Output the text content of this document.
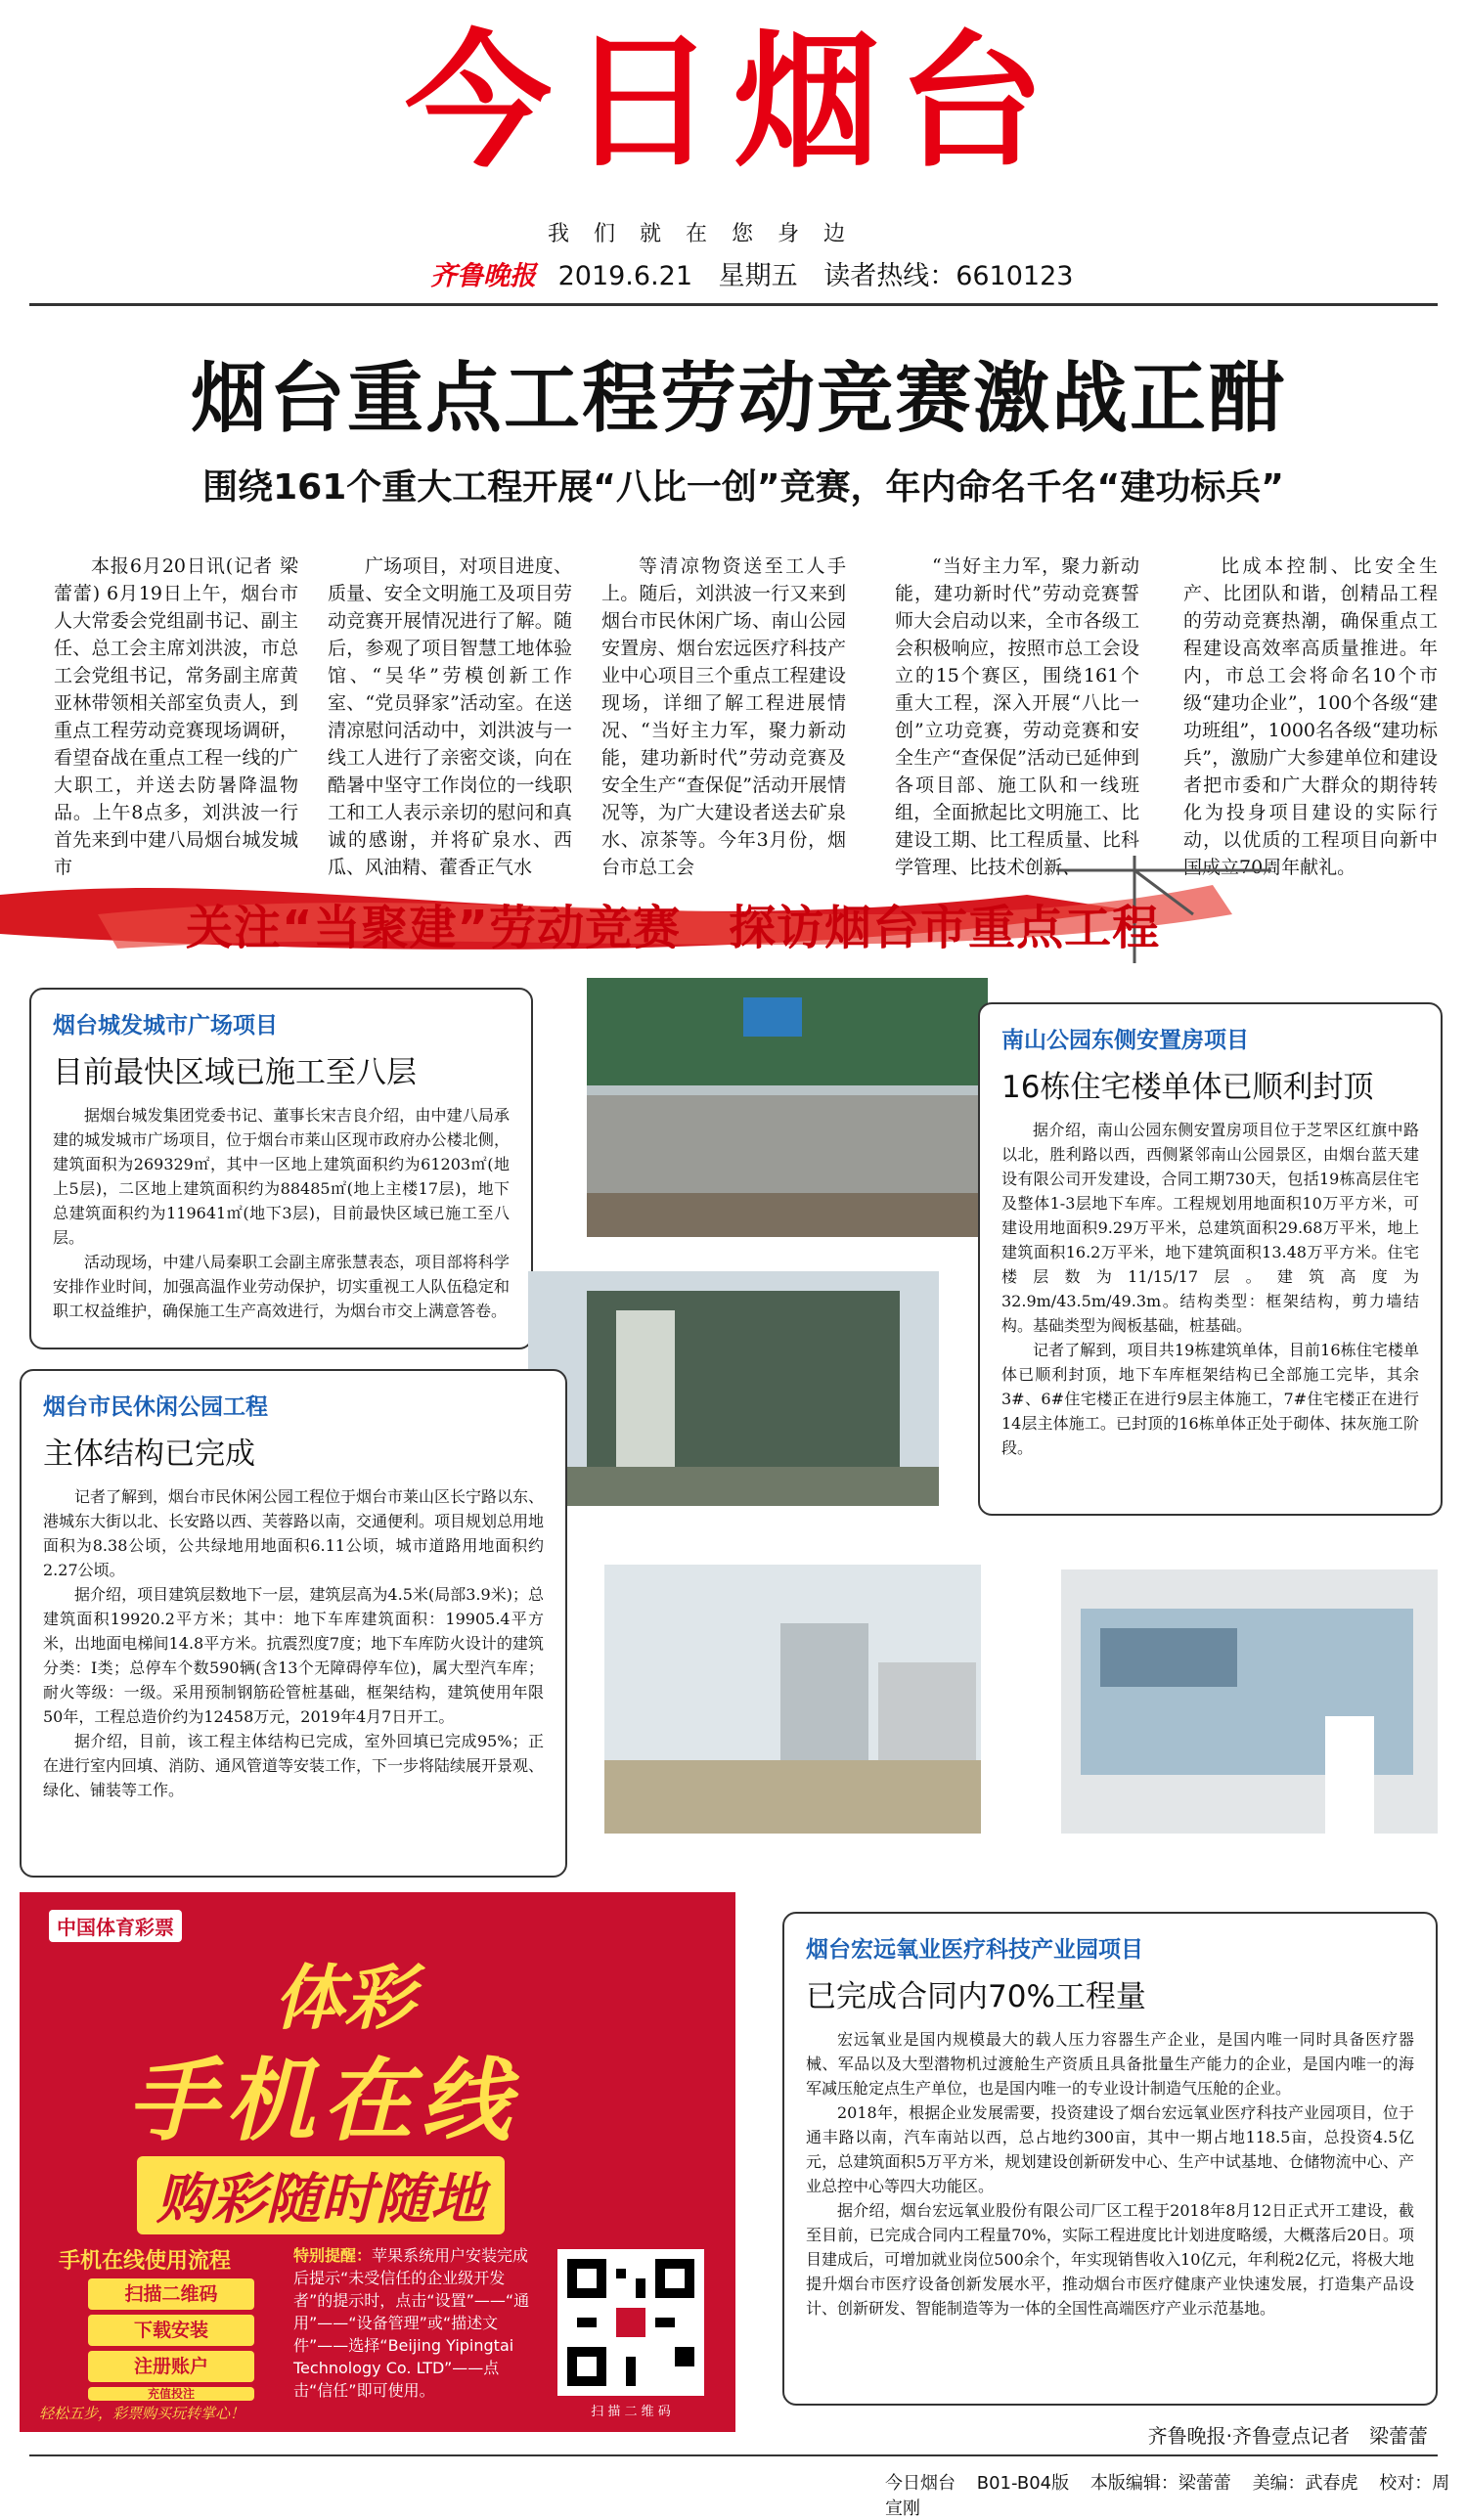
今日烟台
我 们 就 在 您 身 边
齐鲁晚报 2019.6.21 星期五 读者热线：6610123
烟台重点工程劳动竞赛激战正酣
围绕161个重大工程开展“八比一创”竞赛，年内命名千名“建功标兵”

本报6月20日讯(记者 梁蕾蕾) 6月19日上午，烟台市人大常委会党组副书记、副主任、总工会主席刘洪波，市总工会党组书记，常务副主席黄亚林带领相关部室负责人，到重点工程劳动竞赛现场调研，看望奋战在重点工程一线的广大职工，并送去防暑降温物品。上午8点多，刘洪波一行首先来到中建八局烟台城发城市

广场项目，对项目进度、质量、安全文明施工及项目劳动竞赛开展情况进行了解。随后，参观了项目智慧工地体验馆、“吴华”劳模创新工作室、“党员驿家”活动室。在送清凉慰问活动中，刘洪波与一线工人进行了亲密交谈，向在酷暑中坚守工作岗位的一线职工和工人表示亲切的慰问和真诚的感谢，并将矿泉水、西瓜、风油精、藿香正气水

等清凉物资送至工人手上。随后，刘洪波一行又来到烟台市民休闲广场、南山公园安置房、烟台宏远医疗科技产业中心项目三个重点工程建设现场，详细了解工程进展情况、“当好主力军，聚力新动能，建功新时代”劳动竞赛及安全生产“查保促”活动开展情况等，为广大建设者送去矿泉水、凉茶等。今年3月份，烟台市总工会

“当好主力军，聚力新动能，建功新时代”劳动竞赛誓师大会启动以来，全市各级工会积极响应，按照市总工会设立的15个赛区，围绕161个重大工程，深入开展“八比一创”立功竞赛，劳动竞赛和安全生产“查保促”活动已延伸到各项目部、施工队和一线班组，全面掀起比文明施工、比建设工期、比工程质量、比科学管理、比技术创新、

比成本控制、比安全生产、比团队和谐，创精品工程的劳动竞赛热潮，确保重点工程建设高效率高质量推进。年内，市总工会将命名10个市级“建功企业”，100个各级“建功班组”，1000名各级“建功标兵”，激励广大参建单位和建设者把市委和广大群众的期待转化为投身项目建设的实际行动，以优质的工程项目向新中国成立70周年献礼。

关注“当聚建”劳动竞赛　探访烟台市重点工程
烟台城发城市广场项目
目前最快区域已施工至八层

据烟台城发集团党委书记、董事长宋吉良介绍，由中建八局承建的城发城市广场项目，位于烟台市莱山区现市政府办公楼北侧，建筑面积为269329㎡，其中一区地上建筑面积约为61203㎡(地上5层)，二区地上建筑面积约为88485㎡(地上主楼17层)，地下总建筑面积约为119641㎡(地下3层)，目前最快区域已施工至八层。

活动现场，中建八局秦职工会副主席张慧表态，项目部将科学安排作业时间，加强高温作业劳动保护，切实重视工人队伍稳定和职工权益维护，确保施工生产高效进行，为烟台市交上满意答卷。

南山公园东侧安置房项目
16栋住宅楼单体已顺利封顶

据介绍，南山公园东侧安置房项目位于芝罘区红旗中路以北，胜利路以西，西侧紧邻南山公园景区，由烟台蓝天建设有限公司开发建设，合同工期730天，包括19栋高层住宅及整体1-3层地下车库。工程规划用地面积10万平方米，可建设用地面积9.29万平米，总建筑面积29.68万平米，地上建筑面积16.2万平米，地下建筑面积13.48万平方米。住宅楼层数为11/15/17层。建筑高度为32.9m/43.5m/49.3m。结构类型：框架结构，剪力墙结构。基础类型为阀板基础，桩基础。

记者了解到，项目共19栋建筑单体，目前16栋住宅楼单体已顺利封顶，地下车库框架结构已全部施工完毕，其余3#、6#住宅楼正在进行9层主体施工，7#住宅楼正在进行14层主体施工。已封顶的16栋单体正处于砌体、抹灰施工阶段。

烟台市民休闲公园工程
主体结构已完成

记者了解到，烟台市民休闲公园工程位于烟台市莱山区长宁路以东、港城东大街以北、长安路以西、芙蓉路以南，交通便利。项目规划总用地面积为8.38公顷，公共绿地用地面积6.11公顷，城市道路用地面积约2.27公顷。

据介绍，项目建筑层数地下一层，建筑层高为4.5米(局部3.9米)；总建筑面积19920.2平方米；其中：地下车库建筑面积：19905.4平方米，出地面电梯间14.8平方米。抗震烈度7度；地下车库防火设计的建筑分类：Ⅰ类；总停车个数590辆(含13个无障碍停车位)，属大型汽车库；耐火等级：一级。采用预制钢筋砼管桩基础，框架结构，建筑使用年限50年，工程总造价约为12458万元，2019年4月7日开工。

据介绍，目前，该工程主体结构已完成，室外回填已完成95%；正在进行室内回填、消防、通风管道等安装工作，下一步将陆续展开景观、绿化、铺装等工作。

烟台宏远氧业医疗科技产业园项目
已完成合同内70%工程量

宏远氧业是国内规模最大的载人压力容器生产企业，是国内唯一同时具备医疗器械、军品以及大型潜物机过渡舱生产资质且具备批量生产能力的企业，是国内唯一的海军减压舱定点生产单位，也是国内唯一的专业设计制造气压舱的企业。

2018年，根据企业发展需要，投资建设了烟台宏远氧业医疗科技产业园项目，位于通丰路以南，汽车南站以西，总占地约300亩，其中一期占地118.5亩，总投资4.5亿元，总建筑面积5万平方米，规划建设创新研发中心、生产中试基地、仓储物流中心、产业总控中心等四大功能区。

据介绍，烟台宏远氧业股份有限公司厂区工程于2018年8月12日正式开工建设，截至目前，已完成合同内工程量70%，实际工程进度比计划进度略缓，大概落后20日。项目建成后，可增加就业岗位500余个，年实现销售收入10亿元，年利税2亿元，将极大地提升烟台市医疗设备创新发展水平，推动烟台市医疗健康产业快速发展，打造集产品设计、创新研发、智能制造等为一体的全国性高端医疗产业示范基地。

中国体育彩票
体彩
手机在线
购彩随时随地
手机在线使用流程
扫描二维码
下载安装
注册账户
充值投注
特别提醒：苹果系统用户安装完成后提示“未受信任的企业级开发者”的提示时，点击“设置”——“通用”——“设备管理”或“描述文件”——选择“Beijing Yipingtai Technology Co. LTD”——点击“信任”即可使用。
扫 描 二 维 码
轻松五步，彩票购买玩转掌心！
齐鲁晚报·齐鲁壹点记者　梁蕾蕾
今日烟台 B01-B04版 本版编辑：梁蕾蕾 美编：武春虎 校对：周宣刚
